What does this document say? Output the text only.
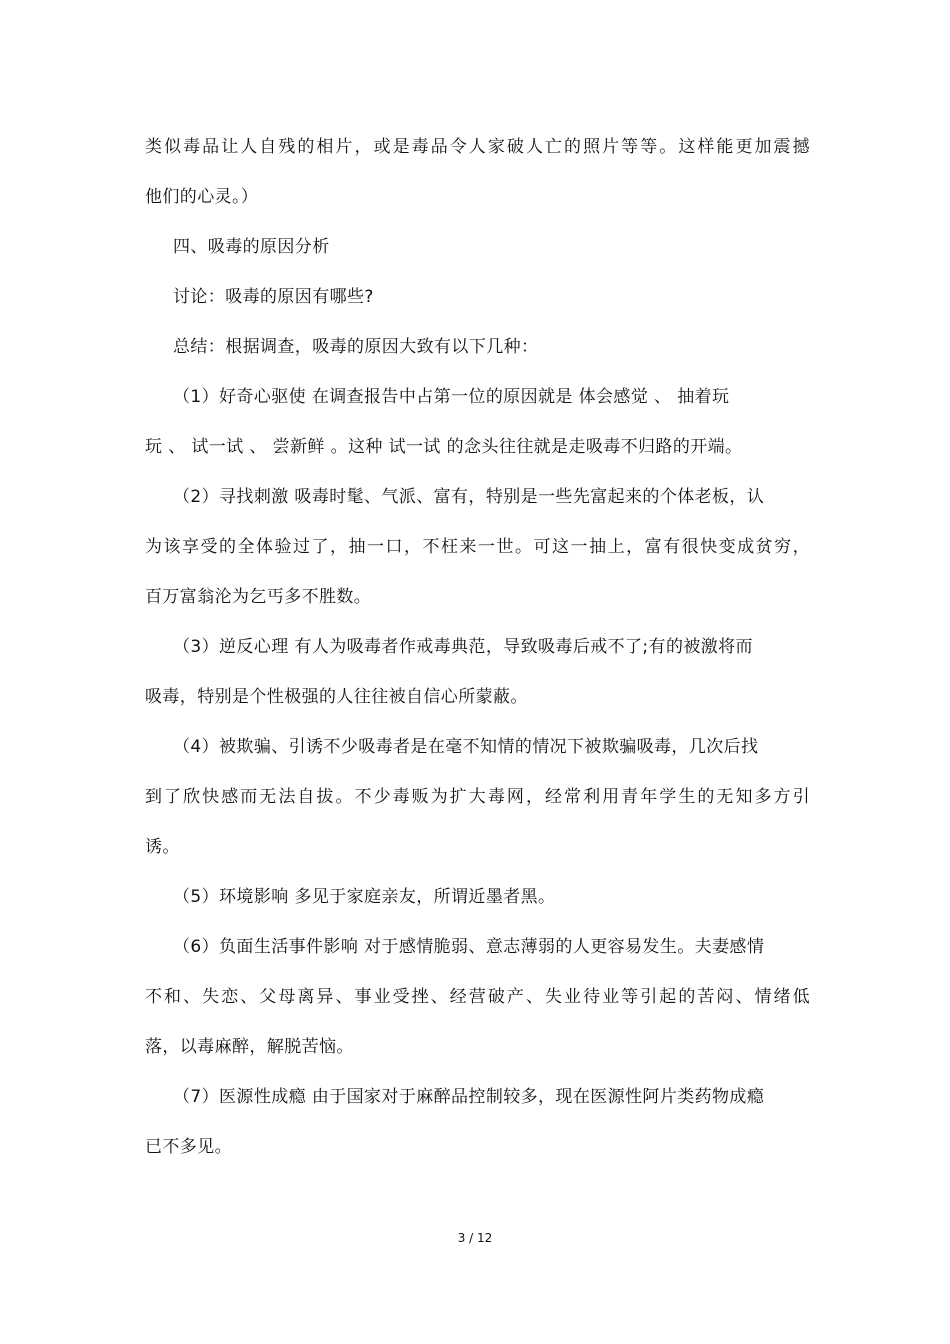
类似毒品让人自残的相片，或是毒品令人家破人亡的照片等等。这样能更加震撼
他们的心灵。）
四、吸毒的原因分析
讨论：吸毒的原因有哪些?
总结：根据调查，吸毒的原因大致有以下几种：
（1）好奇心驱使 在调查报告中占第一位的原因就是 体会感觉 、 抽着玩
玩 、 试一试 、 尝新鲜 。这种 试一试 的念头往往就是走吸毒不归路的开端。
（2）寻找刺激 吸毒时髦、气派、富有，特别是一些先富起来的个体老板，认
为该享受的全体验过了，抽一口，不枉来一世。可这一抽上，富有很快变成贫穷，
百万富翁沦为乞丐多不胜数。
（3）逆反心理 有人为吸毒者作戒毒典范，导致吸毒后戒不了;有的被激将而
吸毒，特别是个性极强的人往往被自信心所蒙蔽。
（4）被欺骗、引诱不少吸毒者是在毫不知情的情况下被欺骗吸毒，几次后找
到了欣快感而无法自拔。不少毒贩为扩大毒网，经常利用青年学生的无知多方引
诱。
（5）环境影响 多见于家庭亲友，所谓近墨者黑。
（6）负面生活事件影响 对于感情脆弱、意志薄弱的人更容易发生。夫妻感情
不和、失恋、父母离异、事业受挫、经营破产、失业待业等引起的苦闷、情绪低
落，以毒麻醉，解脱苦恼。
（7）医源性成瘾 由于国家对于麻醉品控制较多，现在医源性阿片类药物成瘾
已不多见。
3 / 12
